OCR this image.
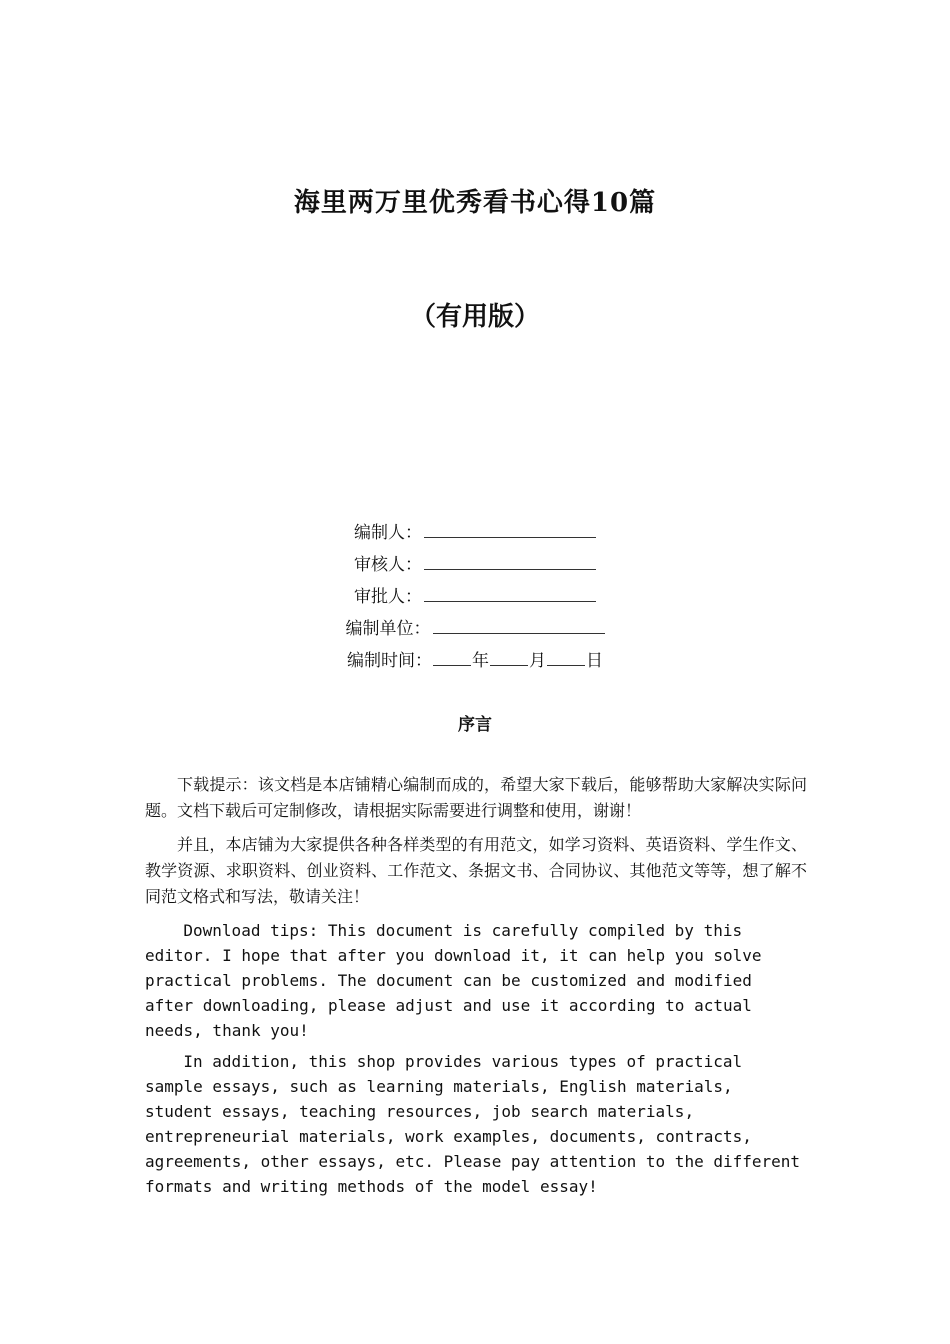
海里两万里优秀看书心得10篇
（有用版）
编制人：
审核人：
审批人：
编制单位：
编制时间： 年 月 日
序言

下载提示：该文档是本店铺精心编制而成的，希望大家下载后，能够帮助大家解决实际问题。文档下载后可定制修改，请根据实际需要进行调整和使用，谢谢！

并且，本店铺为大家提供各种各样类型的有用范文，如学习资料、英语资料、学生作文、教学资源、求职资料、创业资料、工作范文、条据文书、合同协议、其他范文等等，想了解不同范文格式和写法，敬请关注！

Download tips: This document is carefully compiled by this editor. I hope that after you download it, it can help you solve practical problems. The document can be customized and modified after downloading, please adjust and use it according to actual needs, thank you!

In addition, this shop provides various types of practical sample essays, such as learning materials, English materials, student essays, teaching resources, job search materials, entrepreneurial materials, work examples, documents, contracts, agreements, other essays, etc. Please pay attention to the different formats and writing methods of the model essay!
